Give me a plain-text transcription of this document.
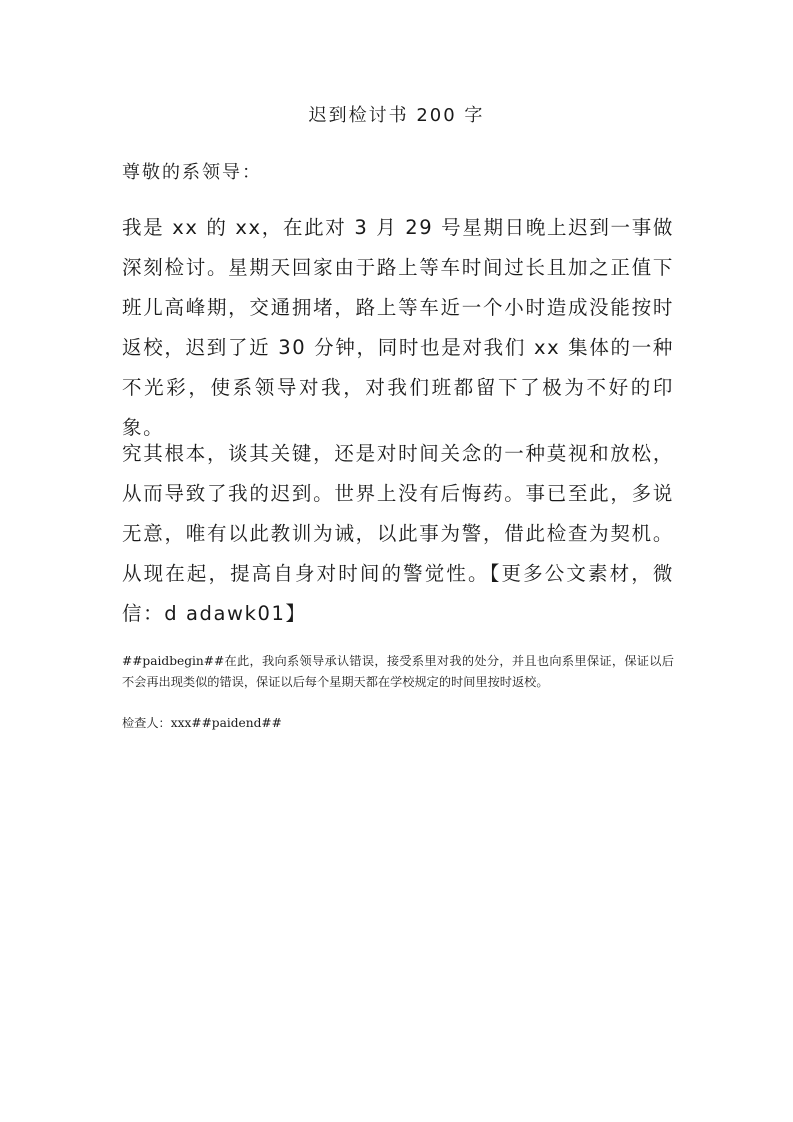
迟到检讨书 200 字
尊敬的系领导：
我是 xx 的 xx，在此对 3 月 29 号星期日晚上迟到一事做深刻检讨。星期天回家由于路上等车时间过长且加之正值下班儿高峰期，交通拥堵，路上等车近一个小时造成没能按时返校，迟到了近 30 分钟，同时也是对我们 xx 集体的一种不光彩，使系领导对我，对我们班都留下了极为不好的印象。
究其根本，谈其关键，还是对时间关念的一种莫视和放松，从而导致了我的迟到。世界上没有后悔药。事已至此，多说无意，唯有以此教训为诫，以此事为警，借此检查为契机。从现在起，提高自身对时间的警觉性。【更多公文素材，微信：d adawk01】
##paidbegin##在此，我向系领导承认错误，接受系里对我的处分，并且也向系里保证，保证以后不会再出现类似的错误，保证以后每个星期天都在学校规定的时间里按时返校。
检查人：xxx##paidend##
